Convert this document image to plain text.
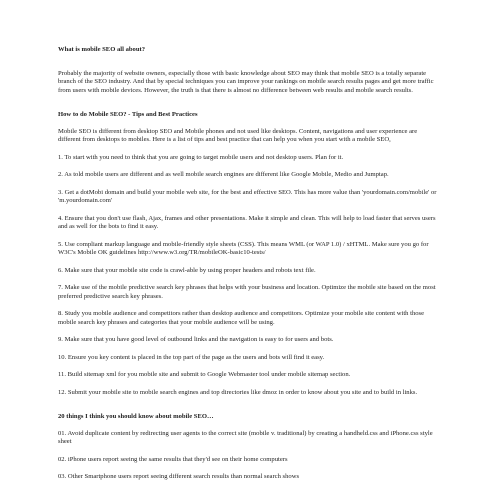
What is mobile SEO all about?

Probably the majority of website owners, especially those with basic knowledge about SEO may think that mobile SEO is a totally separate branch of the SEO industry. And that by special techniques you can improve your rankings on mobile search results pages and get more traffic from users with mobile devices. However, the truth is that there is almost no difference between web results and mobile search results.

How to do Mobile SEO? - Tips and Best Practices

Mobile SEO is different from desktop SEO and Mobile phones and not used like desktops. Content, navigations and user experience are different from desktops to mobiles. Here is a list of tips and best practice that can help you when you start with a mobile SEO,

1. To start with you need to think that you are going to target mobile users and not desktop users. Plan for it.

2. As told mobile users are different and as well mobile search engines are different like Google Mobile, Medio and Jumptap.

3. Get a dotMobi domain and build your mobile web site, for the best and effective SEO. This has more value than 'yourdomain.com/mobile' or 'm.yourdomain.com'

4. Ensure that you don't use flash, Ajax, frames and other presentations. Make it simple and clean. This will help to load faster that serves users and as well for the bots to find it easy.

5. Use compliant markup language and mobile-friendly style sheets (CSS). This means WML (or WAP 1.0) / xHTML. Make sure you go for W3C's Mobile OK guidelines http://www.w3.org/TR/mobileOK-basic10-tests/

6. Make sure that your mobile site code is crawl-able by using proper headers and robots text file.

7. Make use of the mobile predictive search key phrases that helps with your business and location. Optimize the mobile site based on the most preferred predictive search key phrases.

8. Study you mobile audience and competitors rather than desktop audience and competitors. Optimize your mobile site content with those mobile search key phrases and categories that your mobile audience will be using.

9. Make sure that you have good level of outbound links and the navigation is easy to for users and bots.

10. Ensure you key content is placed in the top part of the page as the users and bots will find it easy.

11. Build sitemap xml for you mobile site and submit to Google Webmaster tool under mobile sitemap section.

12. Submit your mobile site to mobile search engines and top directories like dmoz in order to know about you site and to build in links.

20 things I think you should know about mobile SEO…

01. Avoid duplicate content by redirecting user agents to the correct site (mobile v. traditional) by creating a handheld.css and iPhone.css style sheet

02. iPhone users report seeing the same results that they'd see on their home computers

03. Other Smartphone users report seeing different search results than normal search shows
